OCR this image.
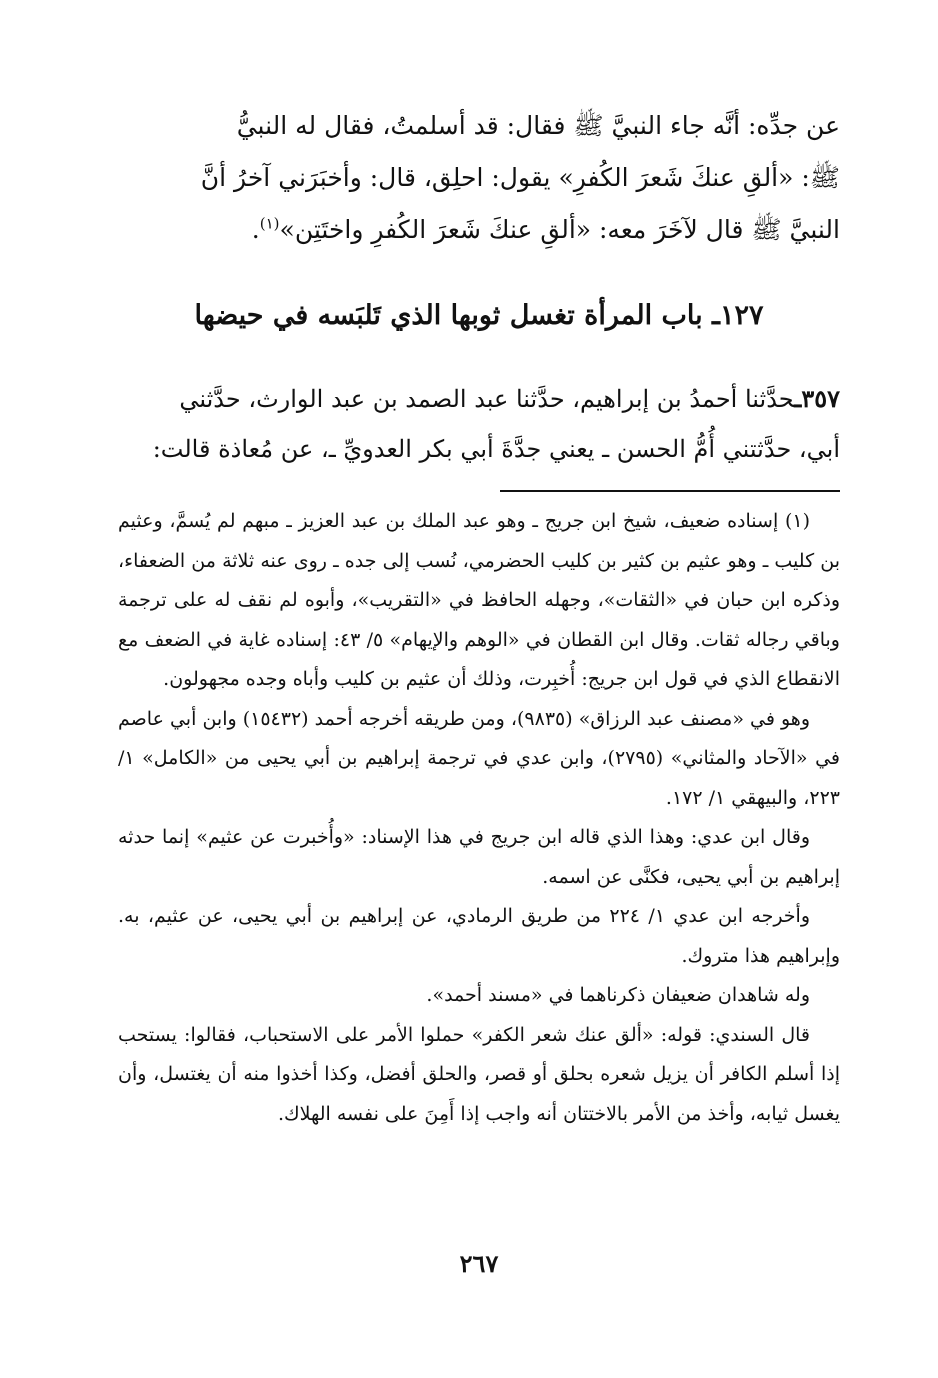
عن جدِّه: أنَّه جاء النبيَّ ﷺ فقال: قد أسلمتُ، فقال له النبيُّ

ﷺ: «ألقِ عنكَ شَعرَ الكُفرِ» يقول: احلِق، قال: وأخبَرَني آخرُ أنَّ

النبيَّ ﷺ قال لآخَرَ معه: «ألقِ عنكَ شَعرَ الكُفرِ واختَتِن»$^{(١)}$.

١٢٧ـ باب المرأة تغسل ثوبها الذي تَلبَسه في حيضها

٣٥٧ـحدَّثنا أحمدُ بن إبراهيم، حدَّثنا عبد الصمد بن عبد الوارث، حدَّثني

أبي، حدَّثتني أُمُّ الحسن ـ يعني جدَّةَ أبي بكر العدويِّ ـ، عن مُعاذة قالت:

(١) إسناده ضعيف، شيخ ابن جريج ـ وهو عبد الملك بن عبد العزيز ـ مبهم لم يُسمَّ، وعثيم بن كليب ـ وهو عثيم بن كثير بن كليب الحضرمي، نُسب إلى جده ـ روى عنه ثلاثة من الضعفاء، وذكره ابن حبان في «الثقات»، وجهله الحافظ في «التقريب»، وأبوه لم نقف له على ترجمة وباقي رجاله ثقات. وقال ابن القطان في «الوهم والإيهام» ٥/ ٤٣: إسناده غاية في الضعف مع الانقطاع الذي في قول ابن جريج: أُخبِرت، وذلك أن عثيم بن كليب وأباه وجده مجهولون.

وهو في «مصنف عبد الرزاق» (٩٨٣٥)، ومن طريقه أخرجه أحمد (١٥٤٣٢) وابن أبي عاصم في «الآحاد والمثاني» (٢٧٩٥)، وابن عدي في ترجمة إبراهيم بن أبي يحيى من «الكامل» ١/ ٢٢٣، والبيهقي ١/ ١٧٢.

وقال ابن عدي: وهذا الذي قاله ابن جريج في هذا الإسناد: «وأُخبرت عن عثيم» إنما حدثه إبراهيم بن أبي يحيى، فكنَّى عن اسمه.

وأخرجه ابن عدي ١/ ٢٢٤ من طريق الرمادي، عن إبراهيم بن أبي يحيى، عن عثيم، به. وإبراهيم هذا متروك.

وله شاهدان ضعيفان ذكرناهما في «مسند أحمد».

قال السندي: قوله: «ألق عنك شعر الكفر» حملوا الأمر على الاستحباب، فقالوا: يستحب إذا أسلم الكافر أن يزيل شعره بحلق أو قصر، والحلق أفضل، وكذا أخذوا منه أن يغتسل، وأن يغسل ثيابه، وأخذ من الأمر بالاختتان أنه واجب إذا أَمِنَ على نفسه الهلاك.

٢٦٧
